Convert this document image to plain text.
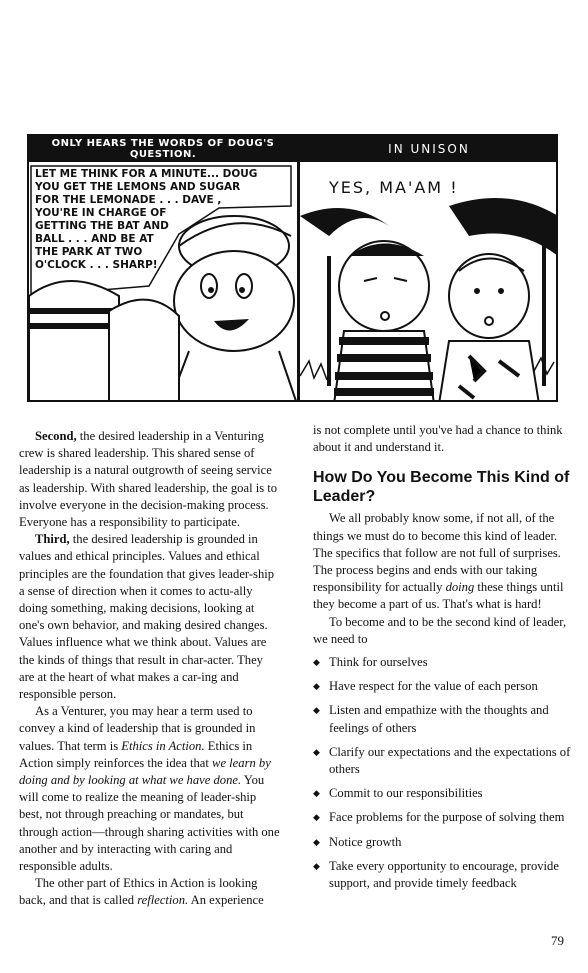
ONLY HEARS THE WORDS OF DOUG'S QUESTION.	IN UNISON
LET ME THINK FOR A MINUTE... DOUG
YOU GET THE LEMONS AND SUGAR
FOR THE LEMONADE . . . DAVE ,
YOU'RE IN CHARGE OF
GETTING THE BAT AND
BALL . . . AND BE AT
THE PARK AT TWO
O'CLOCK . . . SHARP!
YES, MA'AM !

Second, the desired leadership in a Venturing crew is shared leadership. This shared sense of leadership is a natural outgrowth of seeing service as leadership. With shared leadership, the goal is to involve everyone in the decision-making process. Everyone has a responsibility to participate.

Third, the desired leadership is grounded in values and ethical principles. Values and ethical principles are the foundation that gives leader-ship a sense of direction when it comes to actu-ally doing something, making decisions, looking at one's own behavior, and making desired changes. Values influence what we think about. Values are the kinds of things that result in char-acter. They are at the heart of what makes a car-ing and responsible person.

As a Venturer, you may hear a term used to convey a kind of leadership that is grounded in values. That term is Ethics in Action. Ethics in Action simply reinforces the idea that we learn by doing and by looking at what we have done. You will come to realize the meaning of leader-ship best, not through preaching or mandates, but through action—through sharing activities with one another and by interacting with caring and responsible adults.

The other part of Ethics in Action is looking back, and that is called reflection. An experience

is not complete until you've had a chance to think about it and understand it.

How Do You Become This Kind of Leader?

We all probably know some, if not all, of the things we must do to become this kind of leader. The specifics that follow are not full of surprises. The process begins and ends with our taking responsibility for actually doing these things until they become a part of us. That's what is hard!

To become and to be the second kind of leader, we need to

◆ Think for ourselves
◆ Have respect for the value of each person
◆ Listen and empathize with the thoughts and feelings of others
◆ Clarify our expectations and the expectations of others
◆ Commit to our responsibilities
◆ Face problems for the purpose of solving them
◆ Notice growth
◆ Take every opportunity to encourage, provide support, and provide timely feedback
79
